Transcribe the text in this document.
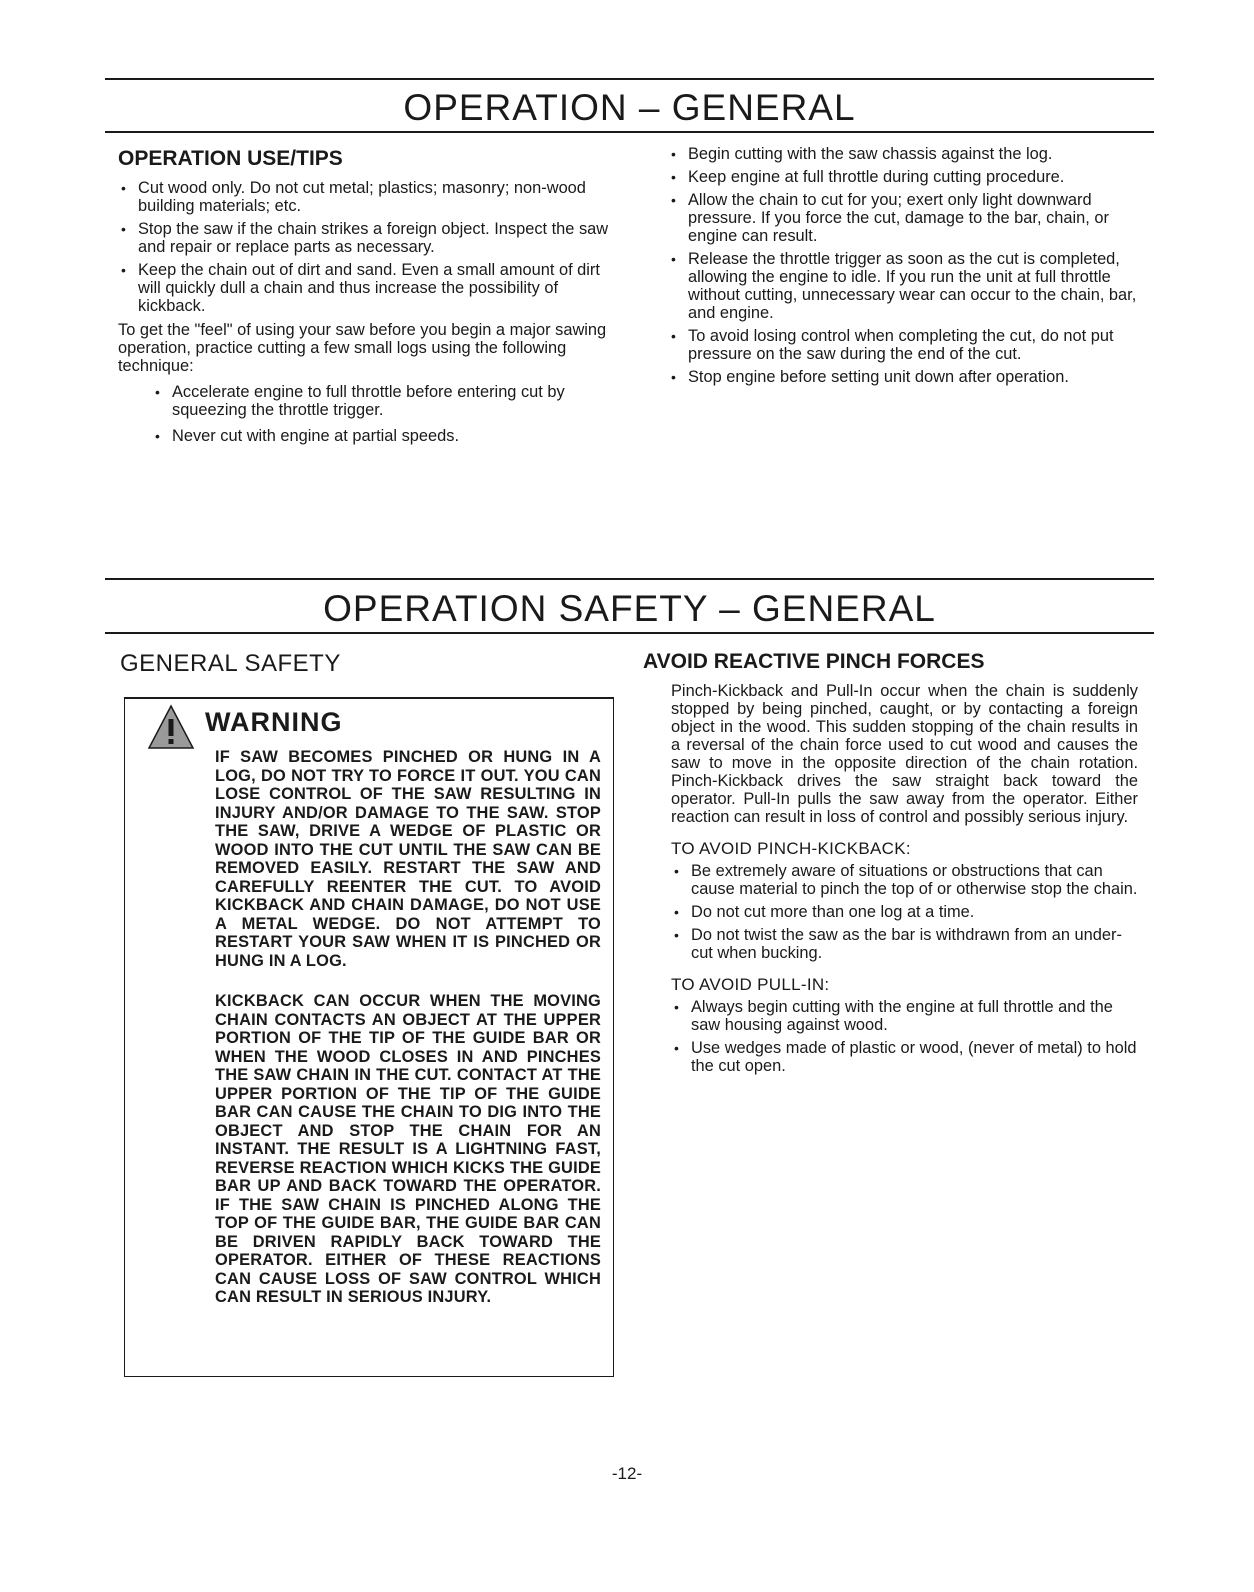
OPERATION – GENERAL
OPERATION USE/TIPS
• Cut wood only. Do not cut metal; plastics; masonry; non-wood building materials; etc.
• Stop the saw if the chain strikes a foreign object. Inspect the saw and repair or replace parts as necessary.
• Keep the chain out of dirt and sand. Even a small amount of dirt will quickly dull a chain and thus increase the possibility of kickback.

To get the "feel" of using your saw before you begin a major sawing operation, practice cutting a few small logs using the following technique:

• Accelerate engine to full throttle before entering cut by squeezing the throttle trigger.
• Never cut with engine at partial speeds.
• Begin cutting with the saw chassis against the log.
• Keep engine at full throttle during cutting procedure.
• Allow the chain to cut for you; exert only light downward pressure. If you force the cut, damage to the bar, chain, or engine can result.
• Release the throttle trigger as soon as the cut is completed, allowing the engine to idle. If you run the unit at full throttle without cutting, unnecessary wear can occur to the chain, bar, and engine.
• To avoid losing control when completing the cut, do not put pressure on the saw during the end of the cut.
• Stop engine before setting unit down after operation.
OPERATION SAFETY – GENERAL
GENERAL SAFETY
WARNING

IF SAW BECOMES PINCHED OR HUNG IN A LOG, DO NOT TRY TO FORCE IT OUT. YOU CAN LOSE CONTROL OF THE SAW RESULTING IN INJURY AND/OR DAMAGE TO THE SAW. STOP THE SAW, DRIVE A WEDGE OF PLASTIC OR WOOD INTO THE CUT UNTIL THE SAW CAN BE REMOVED EASILY. RESTART THE SAW AND CAREFULLY REENTER THE CUT. TO AVOID KICKBACK AND CHAIN DAMAGE, DO NOT USE A METAL WEDGE. DO NOT ATTEMPT TO RESTART YOUR SAW WHEN IT IS PINCHED OR HUNG IN A LOG.

KICKBACK CAN OCCUR WHEN THE MOVING CHAIN CONTACTS AN OBJECT AT THE UPPER PORTION OF THE TIP OF THE GUIDE BAR OR WHEN THE WOOD CLOSES IN AND PINCHES THE SAW CHAIN IN THE CUT. CONTACT AT THE UPPER PORTION OF THE TIP OF THE GUIDE BAR CAN CAUSE THE CHAIN TO DIG INTO THE OBJECT AND STOP THE CHAIN FOR AN INSTANT. THE RESULT IS A LIGHTNING FAST, REVERSE REACTION WHICH KICKS THE GUIDE BAR UP AND BACK TOWARD THE OPERATOR. IF THE SAW CHAIN IS PINCHED ALONG THE TOP OF THE GUIDE BAR, THE GUIDE BAR CAN BE DRIVEN RAPIDLY BACK TOWARD THE OPERATOR. EITHER OF THESE REACTIONS CAN CAUSE LOSS OF SAW CONTROL WHICH CAN RESULT IN SERIOUS INJURY.

AVOID REACTIVE PINCH FORCES

Pinch-Kickback and Pull-In occur when the chain is suddenly stopped by being pinched, caught, or by contacting a foreign object in the wood. This sudden stopping of the chain results in a reversal of the chain force used to cut wood and causes the saw to move in the opposite direction of the chain rotation. Pinch-Kickback drives the saw straight back toward the operator. Pull-In pulls the saw away from the operator. Either reaction can result in loss of control and possibly serious injury.

TO AVOID PINCH-KICKBACK:
• Be extremely aware of situations or obstructions that can cause material to pinch the top of or otherwise stop the chain.
• Do not cut more than one log at a time.
• Do not twist the saw as the bar is withdrawn from an under-cut when bucking.
TO AVOID PULL-IN:
• Always begin cutting with the engine at full throttle and the saw housing against wood.
• Use wedges made of plastic or wood, (never of metal) to hold the cut open.
-12-
